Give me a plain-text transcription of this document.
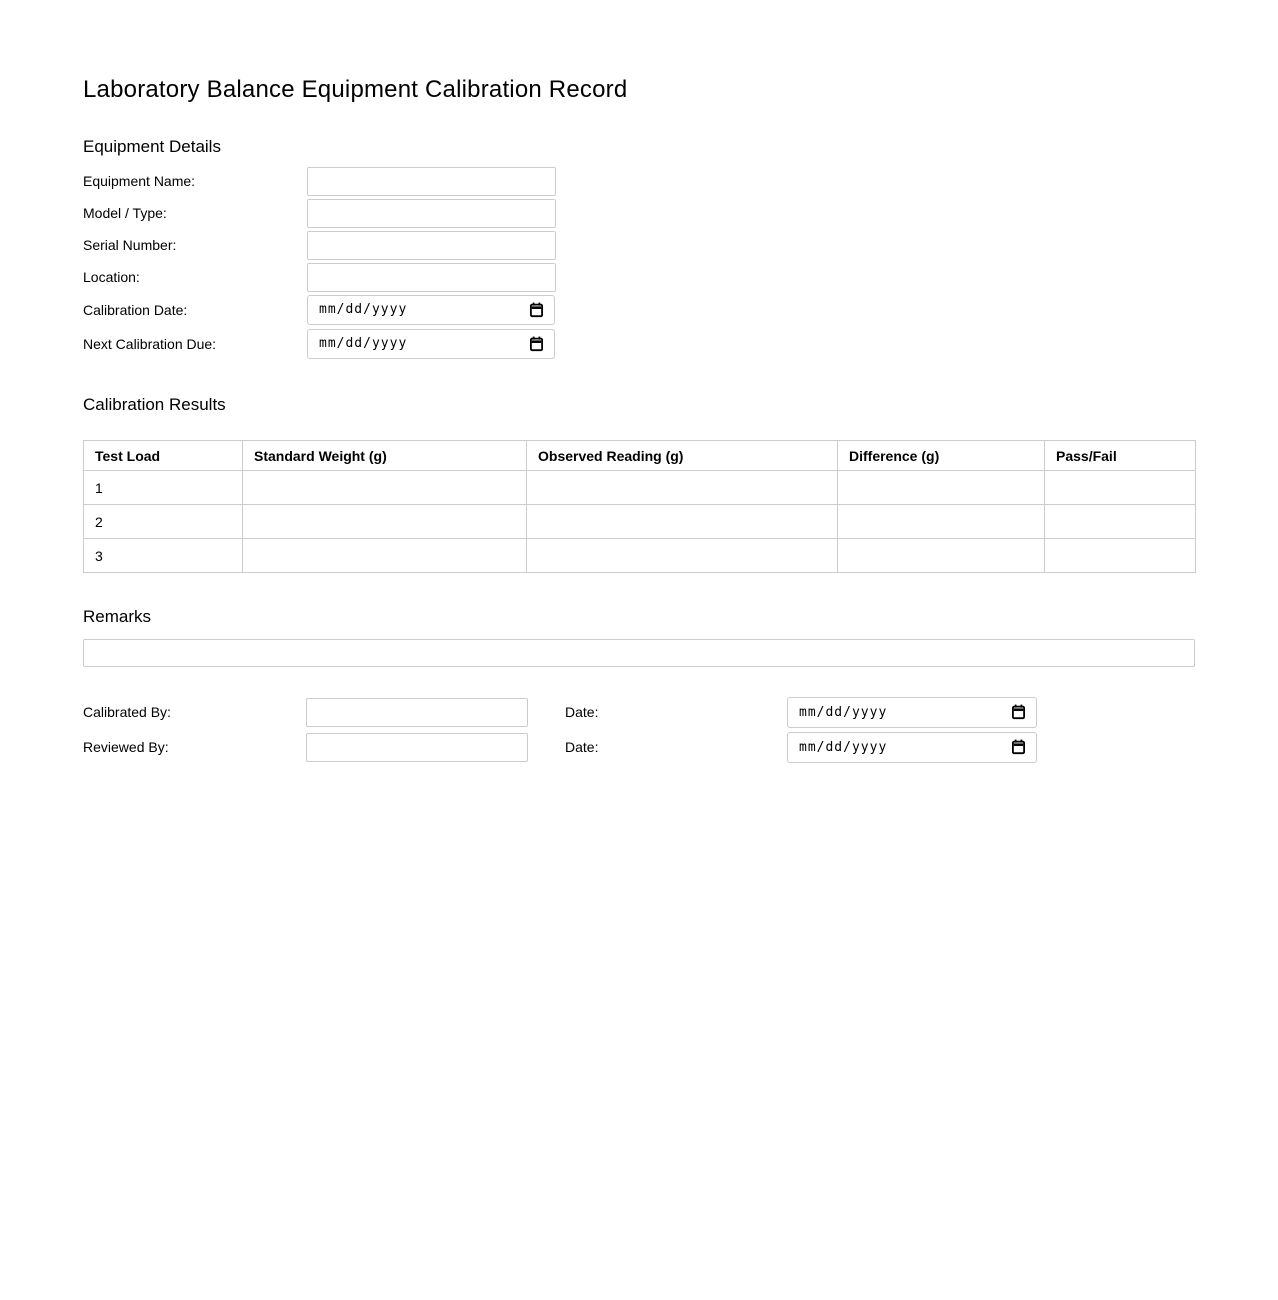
Laboratory Balance Equipment Calibration Record
Equipment Details
Equipment Name:
Model / Type:
Serial Number:
Location:
Calibration Date:	mm/dd/yyyy
Next Calibration Due:	mm/dd/yyyy
Calibration Results
Test Load	Standard Weight (g)	Observed Reading (g)	Difference (g)	Pass/Fail
1				
2				
3				
Remarks
Calibrated By:	Date:	mm/dd/yyyy
Reviewed By:	Date:	mm/dd/yyyy
